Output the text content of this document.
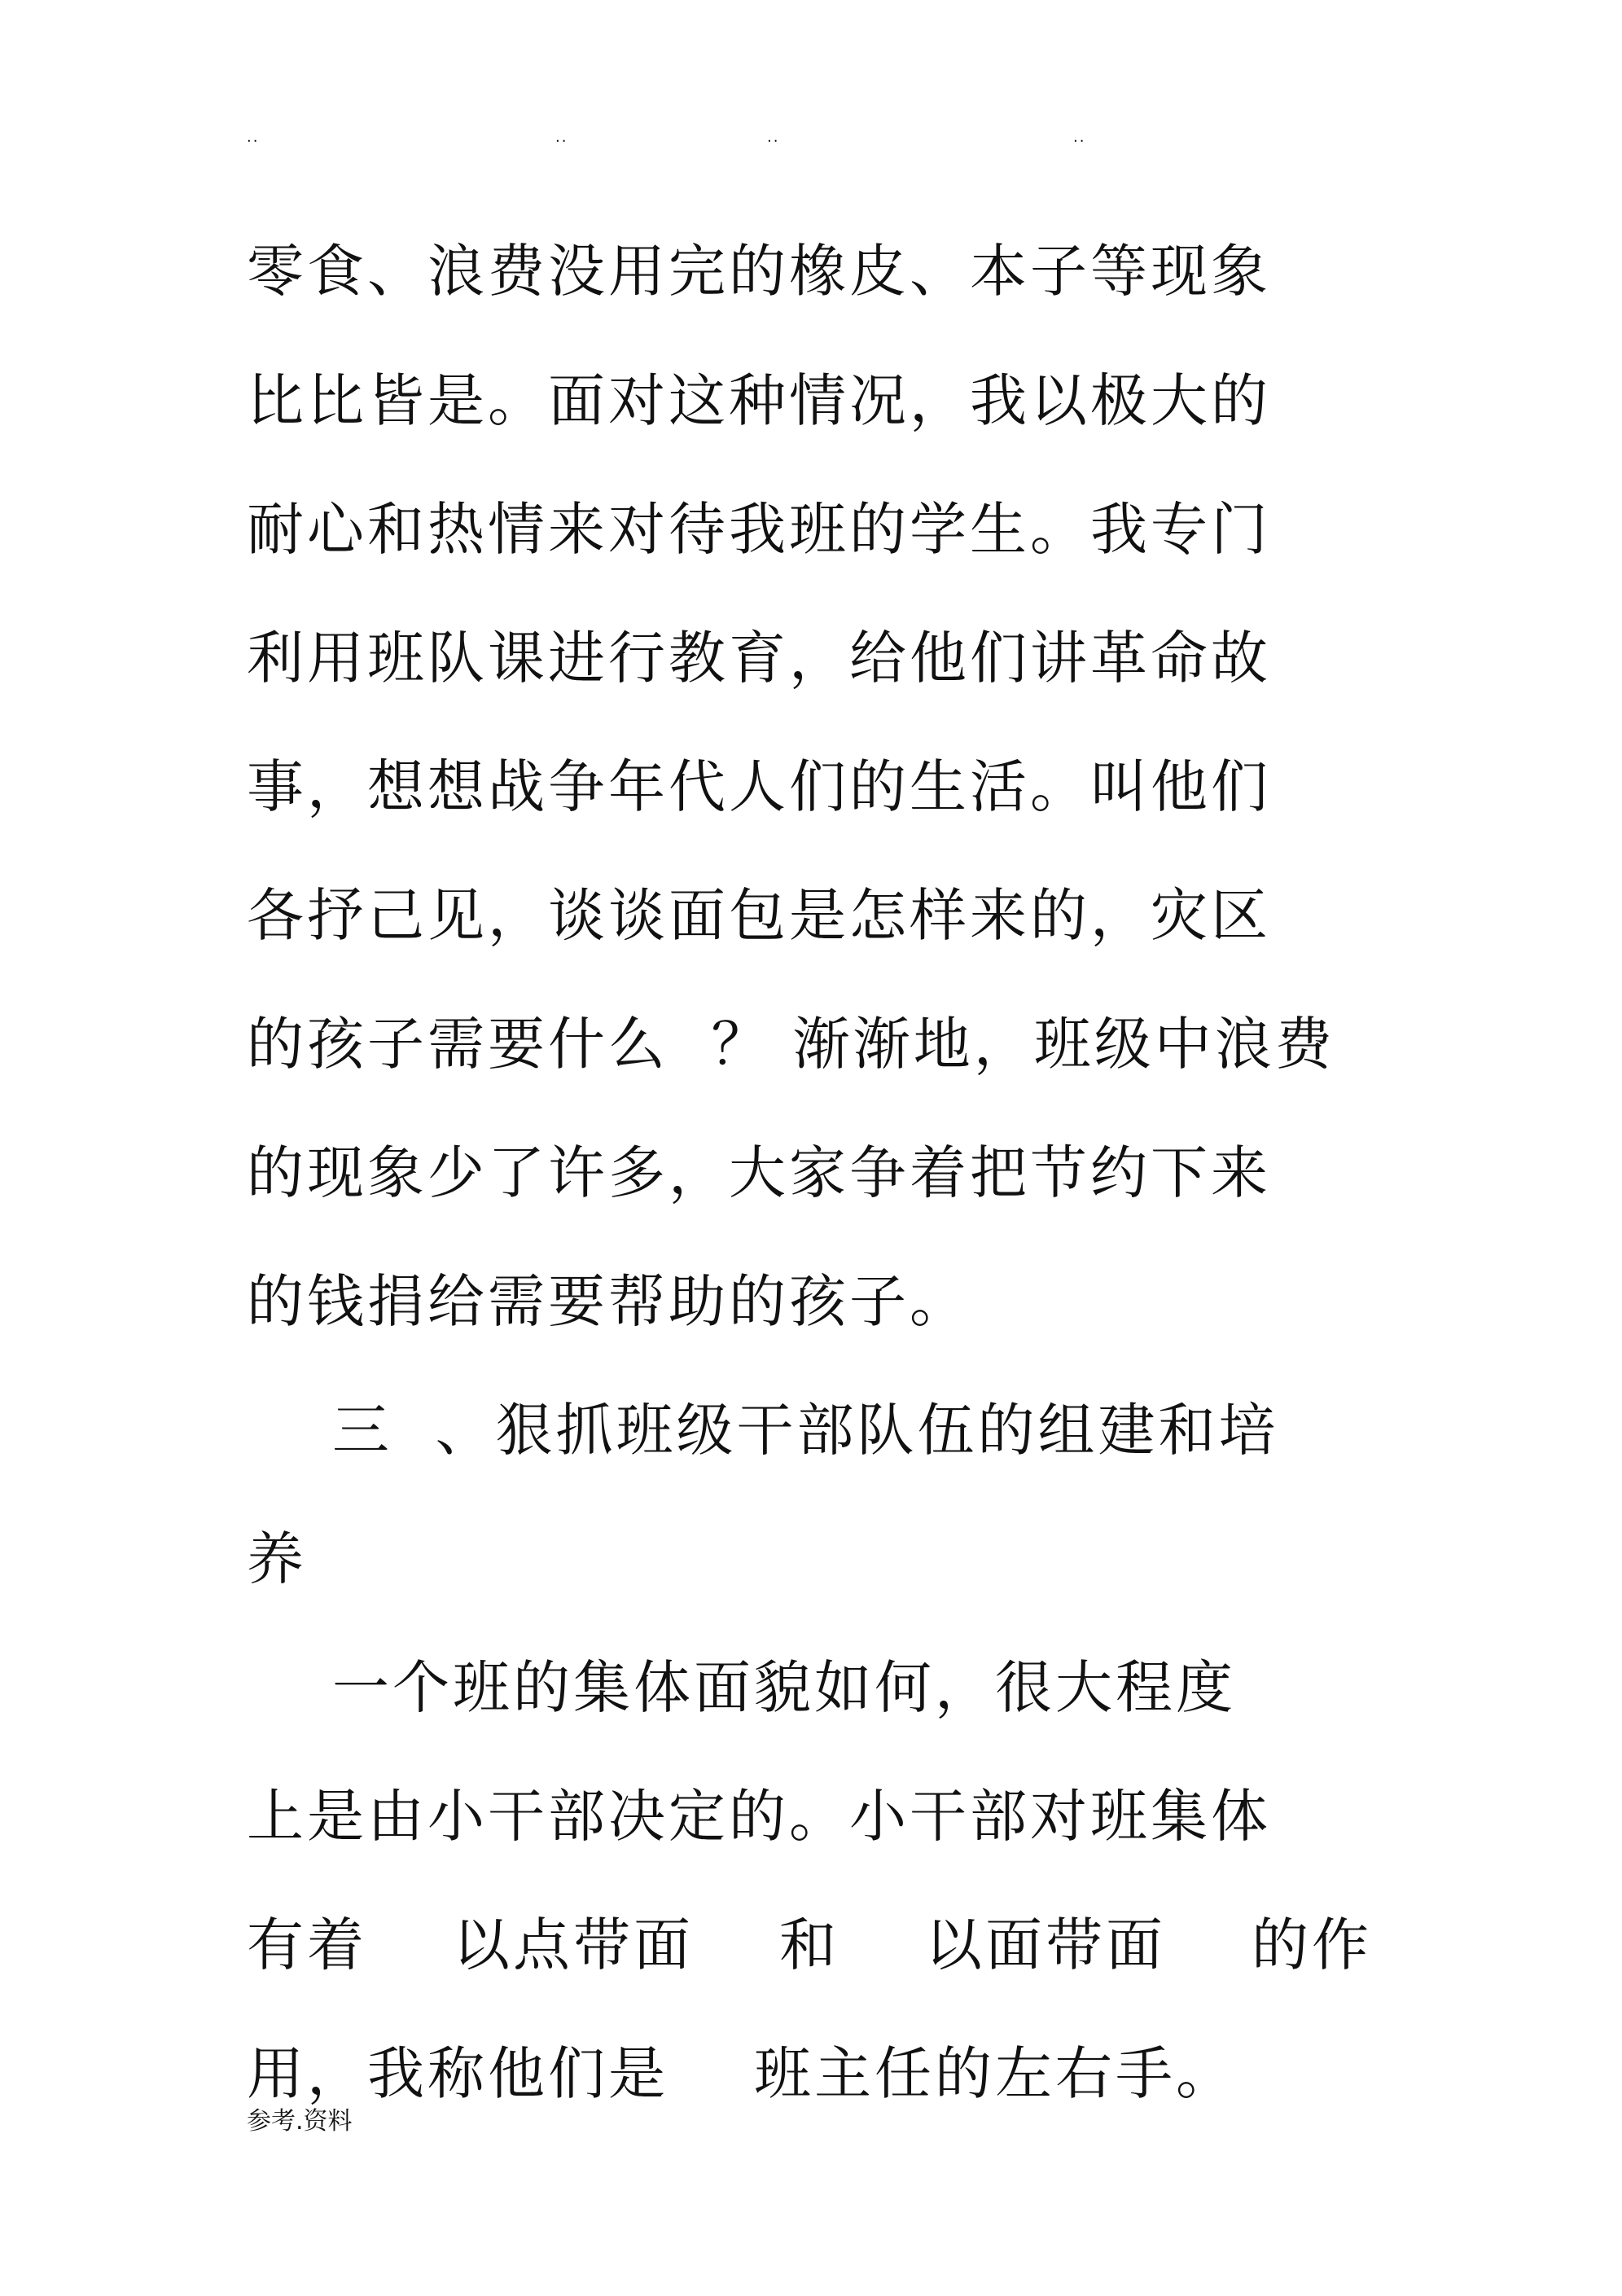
..	..	..	..
零食、浪费没用完的橡皮、本子等现象
比比皆是。面对这种情况，我以极大的
耐心和热情来对待我班的学生。我专门
利用班队课进行教育，给他们讲革命故
事，想想战争年代人们的生活。叫他们
各抒己见，谈谈面包是怎样来的，灾区
的孩子需要什么  ？ 渐渐地，班级中浪费
的现象少了许多，大家争着把节约下来
的钱捐给需要帮助的孩子。
三  、狠抓班级干部队伍的组建和培
养
一个班的集体面貌如何，很大程度
上是由小干部决定的。小干部对班集体
有着    以点带面    和    以面带面    的作
用，我称他们是    班主任的左右手。
参考.资料
